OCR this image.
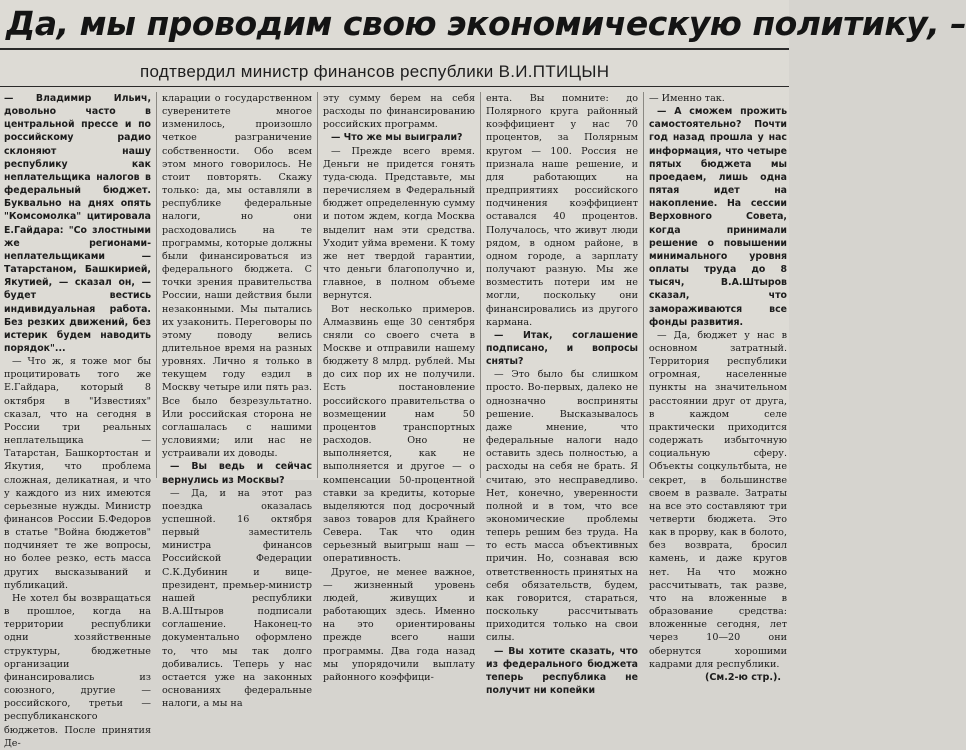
Да, мы проводим свою экономическую политику, –
подтвердил министр финансов республики В.И.ПТИЦЫН

— Владимир Ильич, довольно часто в центральной прессе и по российскому радио склоняют нашу республику как неплательщика налогов в федеральный бюджет. Буквально на днях опять "Комсомолка" цитировала Е.Гайдара: "Со злостными же регионами-неплательщиками — Татарстаном, Башкирией, Якутией, — сказал он, — будет вестись индивидуальная работа. Без резких движений, без истерик будем наводить порядок"...

— Что ж, я тоже мог бы процитировать того же Е.Гайдара, который 8 октября в "Известиях" сказал, что на сегодня в России три реальных неплательщика — Татарстан, Башкортостан и Якутия, что проблема сложная, деликатная, и что у каждого из них имеются серьезные нужды. Министр финансов России Б.Федоров в статье "Война бюджетов" подчиняет те же вопросы, но более резко, есть масса других высказываний и публикаций.

Не хотел бы возвращаться в прошлое, когда на территории республики одни хозяйственные структуры, бюджетные организации финансировались из союзного, другие — российского, третьи — республиканского бюджетов. После принятия Де-

кларации о государственном суверенитете многое изменилось, произошло четкое разграничение собственности. Обо всем этом много говорилось. Не стоит повторять. Скажу только: да, мы оставляли в республике федеральные налоги, но они расходовались на те программы, которые должны были финансироваться из федерального бюджета. С точки зрения правительства России, наши действия были незаконными. Мы пытались их узаконить. Переговоры по этому поводу велись длительное время на разных уровнях. Лично я только в текущем году ездил в Москву четыре или пять раз. Все было безрезультатно. Или российская сторона не соглашалась с нашими условиями; или нас не устраивали их доводы.

— Вы ведь и сейчас вернулись из Москвы?

— Да, и на этот раз поездка оказалась успешной. 16 октября первый заместитель министра финансов Российской Федерации С.К.Дубинин и вице-президент, премьер-министр нашей республики В.А.Штыров подписали соглашение. Наконец-то документально оформлено то, что мы так долго добивались. Теперь у нас остается уже на законных основаниях федеральные налоги, а мы на

эту сумму берем на себя расходы по финансированию российских программ.

— Что же мы выиграли?

— Прежде всего время. Деньги не придется гонять туда-сюда. Представьте, мы перечисляем в Федеральный бюджет определенную сумму и потом ждем, когда Москва выделит нам эти средства. Уходит уйма времени. К тому же нет твердой гарантии, что деньги благополучно и, главное, в полном объеме вернутся.

Вот несколько примеров. Алмазвинь еще 30 сентября сняли со своего счета в Москве и отправили нашему бюджету 8 млрд. рублей. Мы до сих пор их не получили. Есть постановление российского правительства о возмещении нам 50 процентов транспортных расходов. Оно не выполняется, как не выполняется и другое — о компенсации 50-процентной ставки за кредиты, которые выделяются под досрочный завоз товаров для Крайнего Севера. Так что один серьезный выигрыш наш — оперативность.

Другое, не менее важное, — жизненный уровень людей, живущих и работающих здесь. Именно на это ориентированы прежде всего наши программы. Два года назад мы упорядочили выплату районного коэффици-

ента. Вы помните: до Полярного круга районный коэффициент у нас 70 процентов, за Полярным кругом — 100. Россия не признала наше решение, и для работающих на предприятиях российского подчинения коэффициент оставался 40 процентов. Получалось, что живут люди рядом, в одном районе, в одном городе, а зарплату получают разную. Мы же возместить потери им не могли, поскольку они финансировались из другого кармана.

— Итак, соглашение подписано, и вопросы сняты?

— Это было бы слишком просто. Во-первых, далеко не однозначно восприняты решение. Высказывалось даже мнение, что федеральные налоги надо оставить здесь полностью, а расходы на себя не брать. Я считаю, это несправедливо. Нет, конечно, уверенности полной и в том, что все экономические проблемы теперь решим без труда. На то есть масса объективных причин. Но, сознавая всю ответственность принятых на себя обязательств, будем, как говорится, стараться, поскольку рассчитывать приходится только на свои силы.

— Вы хотите сказать, что из федерального бюджета теперь республика не получит ни копейки

— Именно так.

— А сможем прожить самостоятельно? Почти год назад прошла у нас информация, что четыре пятых бюджета мы проедаем, лишь одна пятая идет на накопление. На сессии Верховного Совета, когда принимали решение о повышении минимального уровня оплаты труда до 8 тысяч, В.А.Штыров сказал, что замораживаются все фонды развития.

— Да, бюджет у нас в основном затратный. Территория республики огромная, населенные пункты на значительном расстоянии друг от друга, в каждом селе практически приходится содержать избыточную социальную сферу. Объекты соцкультбыта, не секрет, в большинстве своем в развале. Затраты на все это составляют три четверти бюджета. Это как в прорву, как в болото, без возврата, бросил камень, и даже кругов нет. На что можно рассчитывать, так разве, что на вложенные в образование средства: вложенные сегодня, лет через 10—20 они обернутся хорошими кадрами для республики.

(См.2-ю стр.).
